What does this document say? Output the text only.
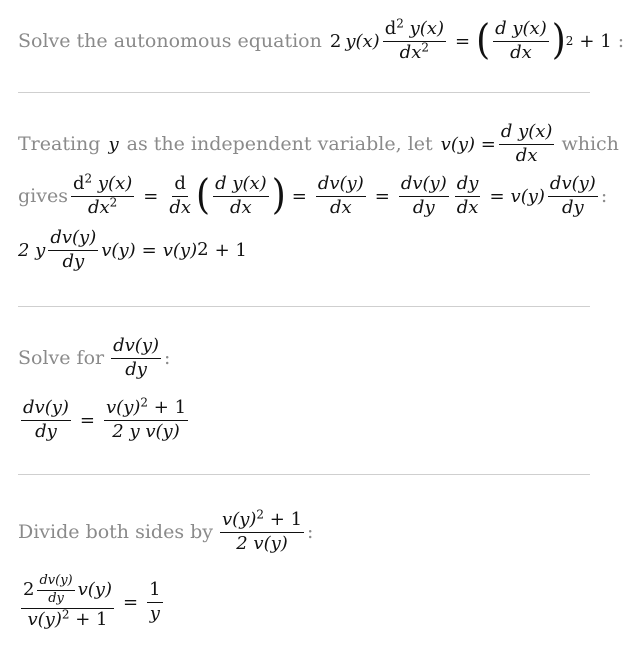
Solve the autonomous equation 2 $y(x) \frac{d^2 y(x)}{dx^2}$ = ( $\frac{\text{d y(x)}}{dx}$ ) 2 + 1 :
Treating y as the independent variable, let $v(y) = \frac{\text{d y(x)}}{dx}$ which
gives $\frac{d^2 y(x)}{dx^2} = \frac{d}{dx}$ ( $\frac{\text{d y(x)}}{dx}$ ) = $\frac{dv(y)}{dx} = \frac{dv(y)}{dy} \frac{dy}{dx} = v(y) \frac{dv(y)}{dy}$ :
2 y $\frac{dv(y)}{dy} v(y) = v(y) 2 + 1$
Solve for $\frac{dv(y)}{dy}$ :
$\frac{dv(y)}{dy} = \frac{v(y)^2 + 1}{\text{2 y v(y)}}$
Divide both sides by $\frac{v(y)^2 + 1}{2 v(y)}$ :
$\frac{2 \frac{dv(y)}{dy} v(y)}{v(y)^2 + 1} = \frac{1}{y}$
